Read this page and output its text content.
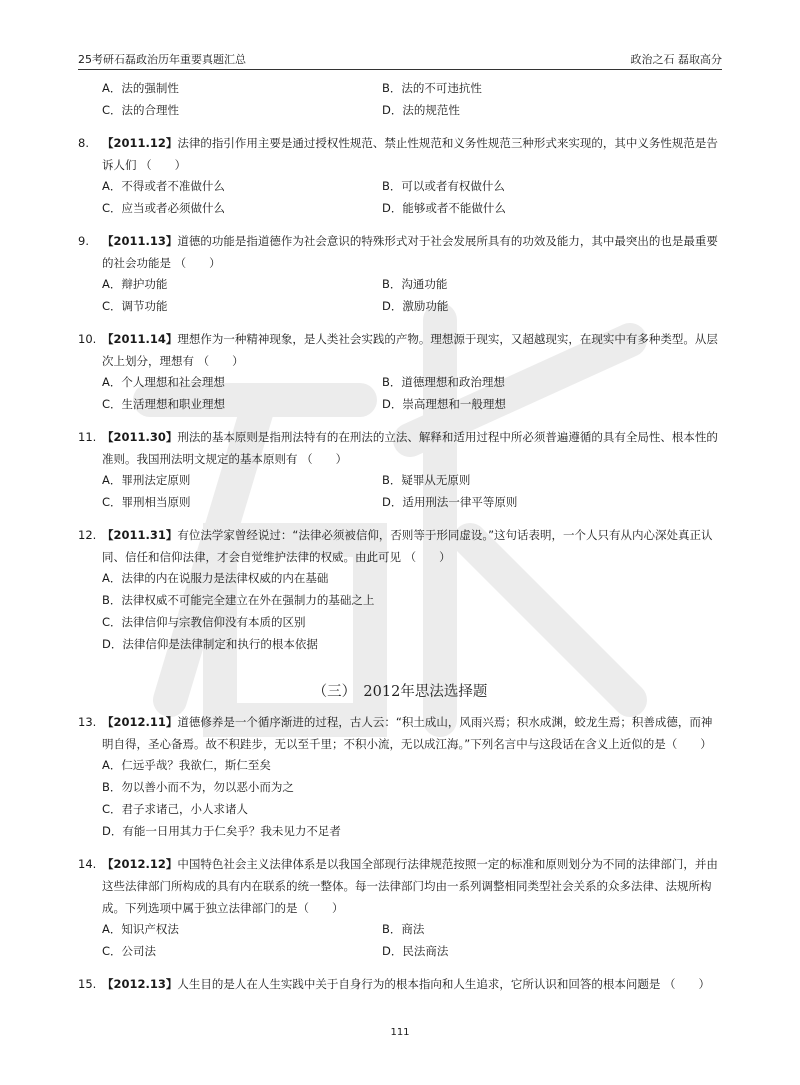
25考研石磊政治历年重要真题汇总	政治之石 磊取高分
A．法的强制性	B．法的不可违抗性
C．法的合理性	D．法的规范性
8. 【2011.12】法律的指引作用主要是通过授权性规范、禁止性规范和义务性规范三种形式来实现的，其中义务性规范是告诉人们 （　　）
A．不得或者不准做什么	B．可以或者有权做什么
C．应当或者必须做什么	D．能够或者不能做什么
9. 【2011.13】道德的功能是指道德作为社会意识的特殊形式对于社会发展所具有的功效及能力，其中最突出的也是最重要的社会功能是 （　　）
A．辩护功能	B．沟通功能
C．调节功能	D．激励功能
10. 【2011.14】理想作为一种精神现象，是人类社会实践的产物。理想源于现实，又超越现实，在现实中有多种类型。从层次上划分，理想有 （　　）
A．个人理想和社会理想	B．道德理想和政治理想
C．生活理想和职业理想	D．崇高理想和一般理想
11. 【2011.30】刑法的基本原则是指刑法特有的在刑法的立法、解释和适用过程中所必须普遍遵循的具有全局性、根本性的准则。我国刑法明文规定的基本原则有 （　　）
A．罪刑法定原则	B．疑罪从无原则
C．罪刑相当原则	D．适用刑法一律平等原则
12. 【2011.31】有位法学家曾经说过：“法律必须被信仰，否则等于形同虚设。”这句话表明，一个人只有从内心深处真正认同、信任和信仰法律，才会自觉维护法律的权威。由此可见 （　　）
A．法律的内在说服力是法律权威的内在基础
B．法律权威不可能完全建立在外在强制力的基础之上
C．法律信仰与宗教信仰没有本质的区别
D．法律信仰是法律制定和执行的根本依据
（三）　2012年思法选择题
13. 【2012.11】道德修养是一个循序渐进的过程，古人云：“积土成山，风雨兴焉；积水成渊，蛟龙生焉；积善成德，而神明自得，圣心备焉。故不积跬步，无以至千里；不积小流，无以成江海。”下列名言中与这段话在含义上近似的是（　　）
A．仁远乎哉？我欲仁，斯仁至矣
B．勿以善小而不为，勿以恶小而为之
C．君子求诸己，小人求诸人
D．有能一日用其力于仁矣乎？我未见力不足者
14. 【2012.12】中国特色社会主义法律体系是以我国全部现行法律规范按照一定的标准和原则划分为不同的法律部门，并由这些法律部门所构成的具有内在联系的统一整体。每一法律部门均由一系列调整相同类型社会关系的众多法律、法规所构成。下列选项中属于独立法律部门的是（　　）
A．知识产权法	B．商法
C．公司法	D．民法商法
15. 【2012.13】人生目的是人在人生实践中关于自身行为的根本指向和人生追求，它所认识和回答的根本问题是 （　　）
111
